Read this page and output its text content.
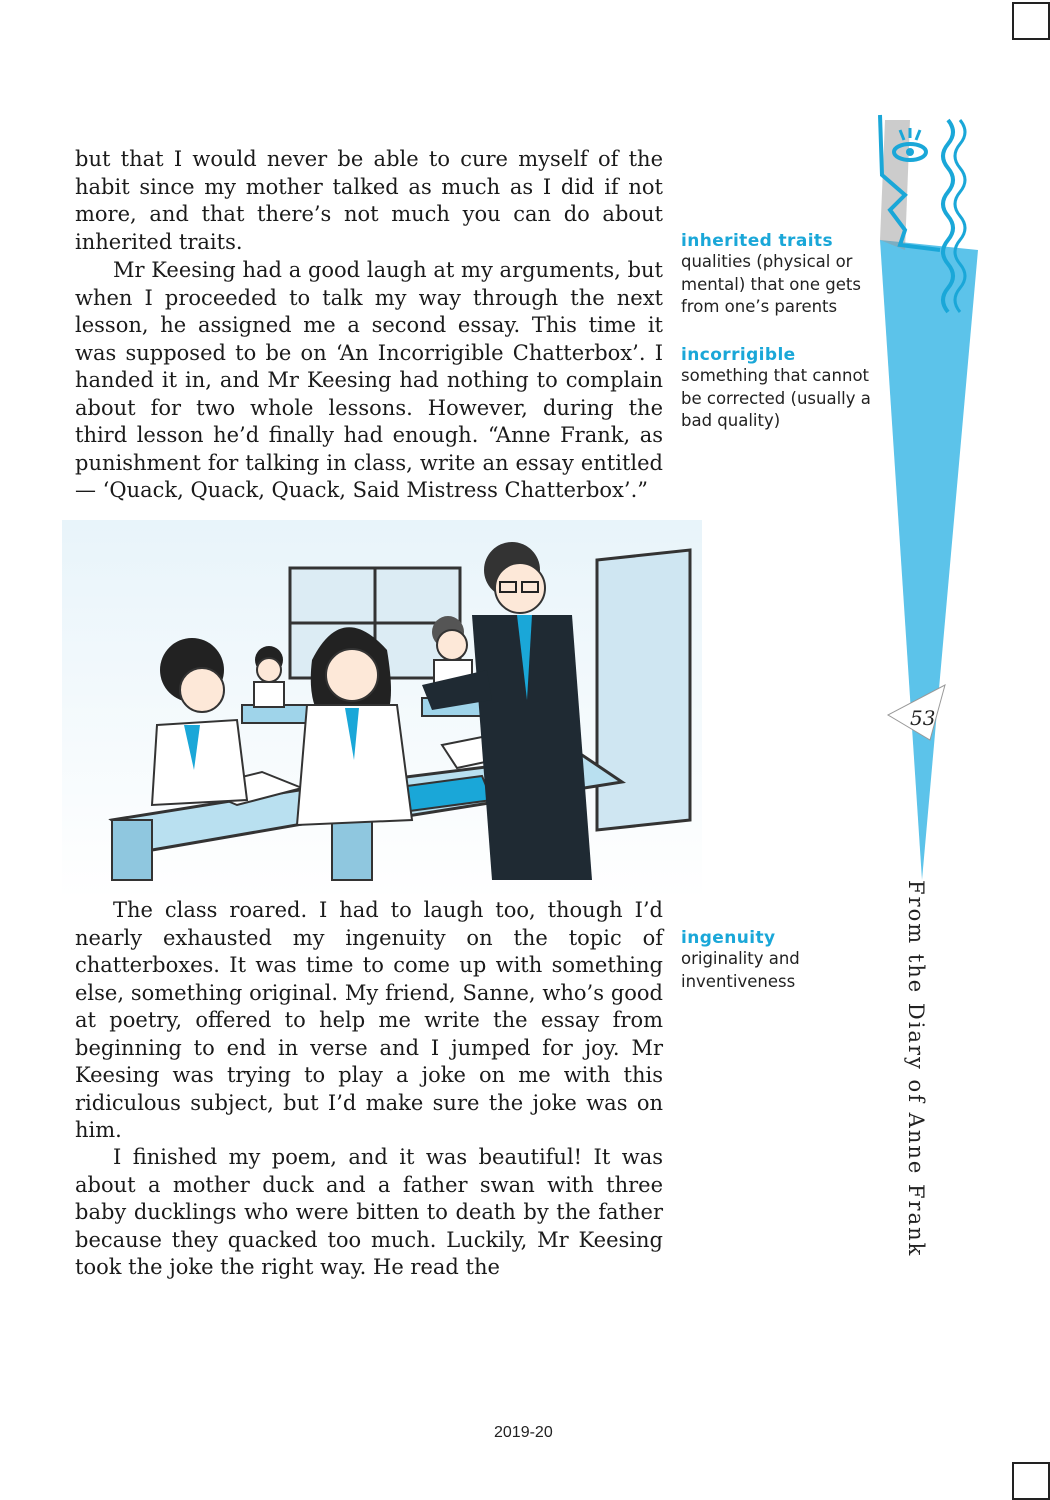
but that I would never be able to cure myself of the habit since my mother talked as much as I did if not more, and that there’s not much you can do about inherited traits.

Mr Keesing had a good laugh at my arguments, but when I proceeded to talk my way through the next lesson, he assigned me a second essay. This time it was supposed to be on ‘An Incorrigible Chatterbox’. I handed it in, and Mr Keesing had nothing to complain about for two whole lessons. However, during the third lesson he’d finally had enough. “Anne Frank, as punishment for talking in class, write an essay entitled — ‘Quack, Quack, Quack, Said Mistress Chatterbox’.”

The class roared. I had to laugh too, though I’d nearly exhausted my ingenuity on the topic of chatterboxes. It was time to come up with something else, something original. My friend, Sanne, who’s good at poetry, offered to help me write the essay from beginning to end in verse and I jumped for joy. Mr Keesing was trying to play a joke on me with this ridiculous subject, but I’d make sure the joke was on him.

I finished my poem, and it was beautiful! It was about a mother duck and a father swan with three baby ducklings who were bitten to death by the father because they quacked too much. Luckily, Mr Keesing took the joke the right way. He read the

inherited traits
qualities (physical or mental) that one gets from one’s parents
incorrigible
something that cannot be corrected (usually a bad quality)
ingenuity
originality and inventiveness
53
From the Diary of Anne Frank
2019-20
